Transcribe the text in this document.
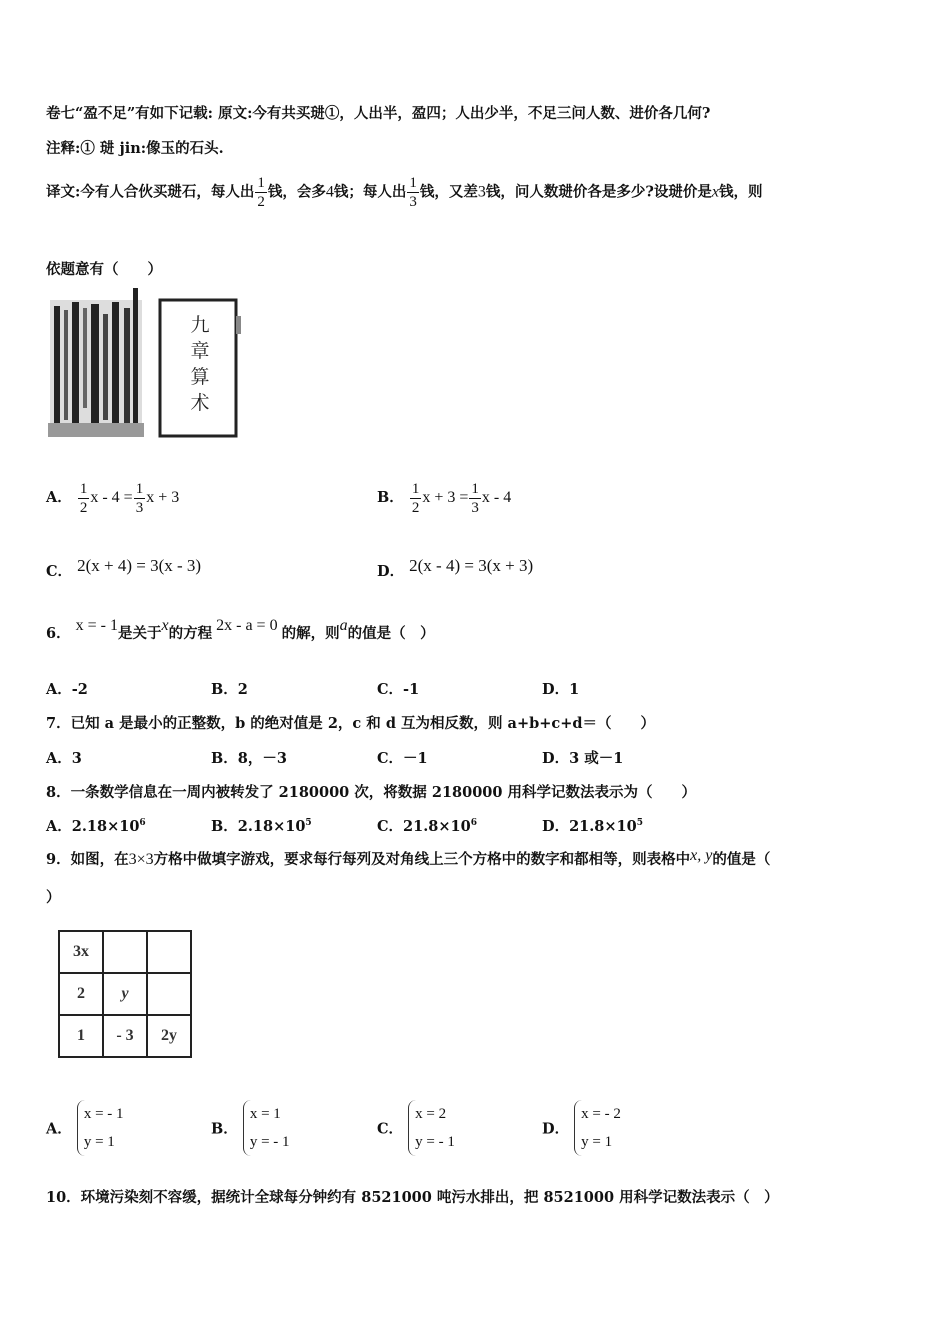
卷七“盈不足”有如下记载: 原文:今有共买琎①，人出半，盈四；人出少半，不足三问人数、进价各几何?
注释:① 琎 jin:像玉的石头.
译文:今有人合伙买琎石，每人出 $\frac{1}{2}$ 钱，会多4钱；每人出 $\frac{1}{3}$ 钱，又差3钱，问人数琎价各是多少?设琎价是x钱，则
依题意有（　　）
九章算术
A． $\frac{1}{2}$ $x - 4 = \frac{1}{3}$ x + 3	B． $\frac{1}{2}$ $x + 3 = \frac{1}{3}$ x - 4
C． 2(x + 4) = 3(x - 3)	D． 2(x - 4) = 3(x + 3)
6． x = - 1是关于x的方程 2x - a = 0 的解，则a的值是（　）
A．-2	B．2	C．-1	D．1
7．已知 a 是最小的正整数，b 的绝对值是 2，c 和 d 互为相反数，则 a+b+c+d＝（　　）
A．3	B．8，－3	C．－1	D．3 或－1
8．一条数学信息在一周内被转发了 2180000 次，将数据 2180000 用科学记数法表示为（　　）
A．$2.18\times 10^6$	B．$2.18\times 10^5$	C．$21.8\times 10^6$	D．$21.8\times 10^5$
9．如图，在3×3方格中做填字游戏，要求每行每列及对角线上三个方格中的数字和都相等，则表格中x, y的值是（
）
3x		
2	y	
1	- 3	2y
A．
x = - 1
y = 1
B．
x = 1
y = - 1
C．
x = 2
y = - 1
D．
x = - 2
y = 1
10．环境污染刻不容缓，据统计全球每分钟约有 8521000 吨污水排出，把 8521000 用科学记数法表示（　）
